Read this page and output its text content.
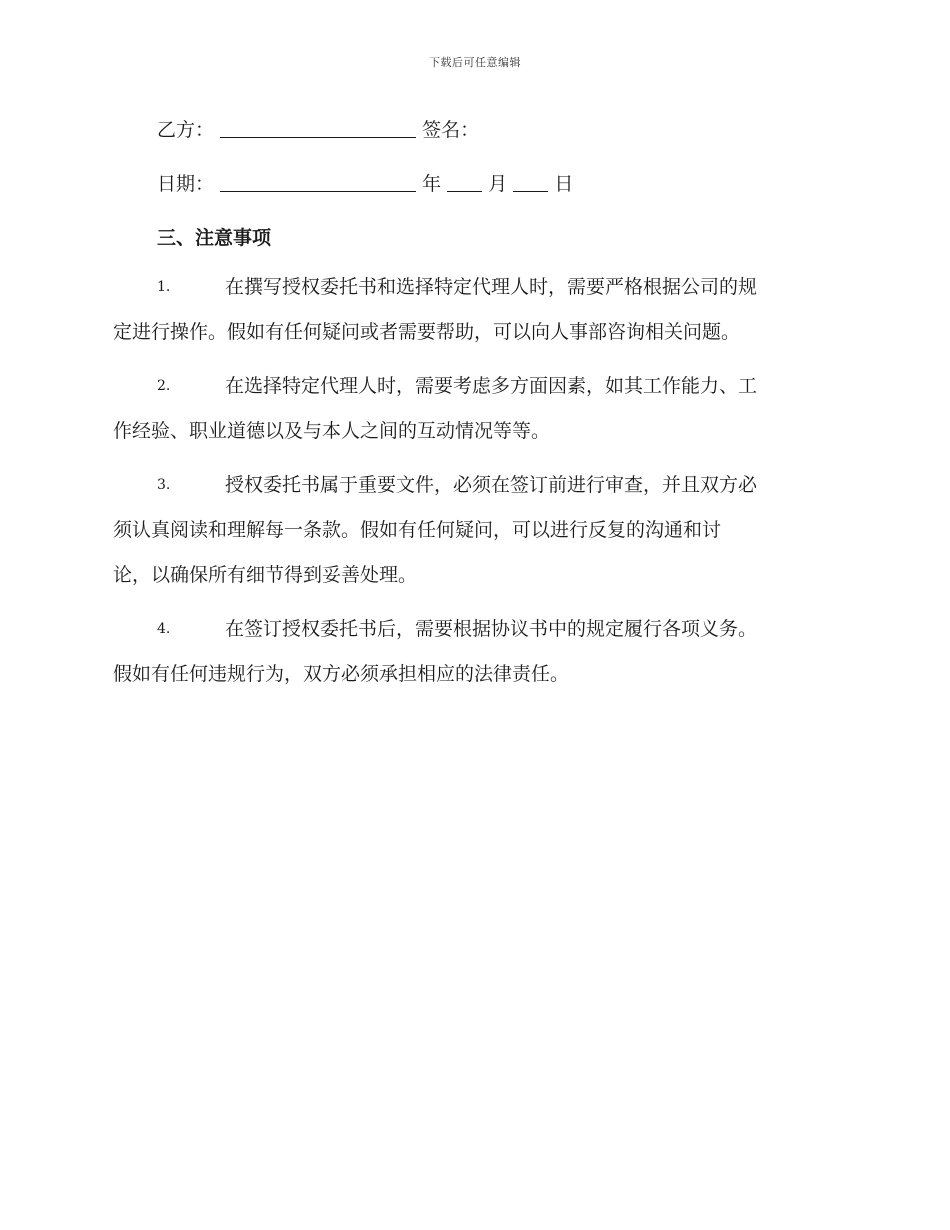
下载后可任意编辑
乙方：	签名：
日期：	年 月 日
三、注意事项
1.	在撰写授权委托书和选择特定代理人时，需要严格根据公司的规
定进行操作。假如有任何疑问或者需要帮助，可以向人事部咨询相关问题。
2.	在选择特定代理人时，需要考虑多方面因素，如其工作能力、工
作经验、职业道德以及与本人之间的互动情况等等。
3.	授权委托书属于重要文件，必须在签订前进行审查，并且双方必
须认真阅读和理解每一条款。假如有任何疑问，可以进行反复的沟通和讨
论，以确保所有细节得到妥善处理。
4.	在签订授权委托书后，需要根据协议书中的规定履行各项义务。
假如有任何违规行为，双方必须承担相应的法律责任。
